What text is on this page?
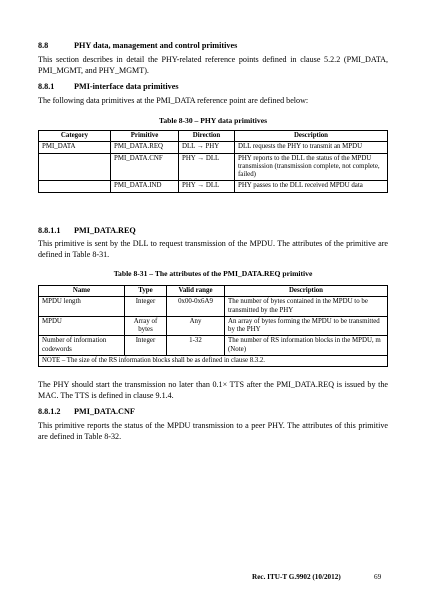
8.8	PHY data, management and control primitives
This section describes in detail the PHY-related reference points defined in clause 5.2.2 (PMI_DATA, PMI_MGMT, and PHY_MGMT).
8.8.1 PMI-interface data primitives
The following data primitives at the PMI_DATA reference point are defined below:
Table 8-30 – PHY data primitives
Category	Primitive	Direction	Description
PMI_DATA	PMI_DATA.REQ	DLL → PHY	DLL requests the PHY to transmit an MPDU
	PMI_DATA.CNF	PHY → DLL	PHY reports to the DLL the status of the MPDU transmission (transmission complete, not complete, failed)
	PMI_DATA.IND	PHY → DLL	PHY passes to the DLL received MPDU data
8.8.1.1 PMI_DATA.REQ
This primitive is sent by the DLL to request transmission of the MPDU. The attributes of the primitive are defined in Table 8-31.
Table 8-31 – The attributes of the PMI_DATA.REQ primitive
Name	Type	Valid range	Description
MPDU length	Integer	0x00-0x6A9	The number of bytes contained in the MPDU to be transmitted by the PHY
MPDU	Array of bytes	Any	An array of bytes forming the MPDU to be transmitted by the PHY
Number of information codewords	Integer	1-32	The number of RS information blocks in the MPDU, m (Note)
NOTE – The size of the RS information blocks shall be as defined in clause 8.3.2.			
The PHY should start the transmission no later than 0.1× TTS after the PMI_DATA.REQ is issued by the MAC. The TTS is defined in clause 9.1.4.
8.8.1.2 PMI_DATA.CNF
This primitive reports the status of the MPDU transmission to a peer PHY. The attributes of this primitive are defined in Table 8-32.
Rec. ITU-T G.9902 (10/2012)	69
